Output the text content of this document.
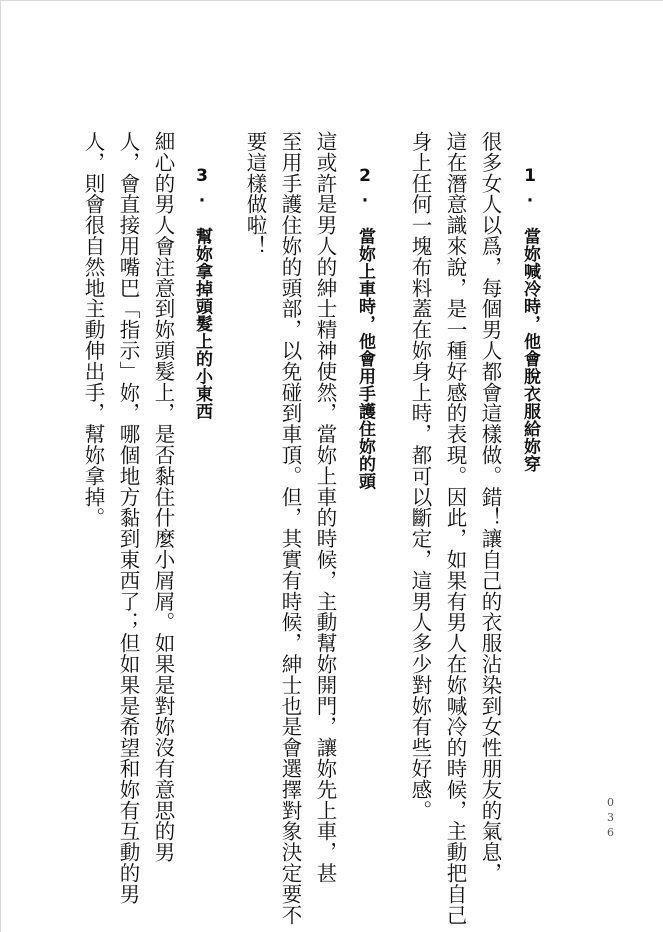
1. 當妳喊冷時，他會脫衣服給妳穿
很多女人以爲，每個男人都會這樣做。錯！讓自己的衣服沾染到女性朋友的氣息，
這在潛意識來說，是一種好感的表現。因此，如果有男人在妳喊冷的時候，主動把自己
身上任何一塊布料蓋在妳身上時，都可以斷定，這男人多少對妳有些好感。
2. 當妳上車時，他會用手護住妳的頭
這或許是男人的紳士精神使然，當妳上車的時候，主動幫妳開門，讓妳先上車，甚
至用手護住妳的頭部，以免碰到車頂。但，其實有時候，紳士也是會選擇對象決定要不
要這樣做啦！
3. 幫妳拿掉頭髮上的小東西
細心的男人會注意到妳頭髮上，是否黏住什麼小屑屑。如果是對妳沒有意思的男
人，會直接用嘴巴「指示」妳，哪個地方黏到東西了；但如果是希望和妳有互動的男
人，則會很自然地主動伸出手，幫妳拿掉。
036
